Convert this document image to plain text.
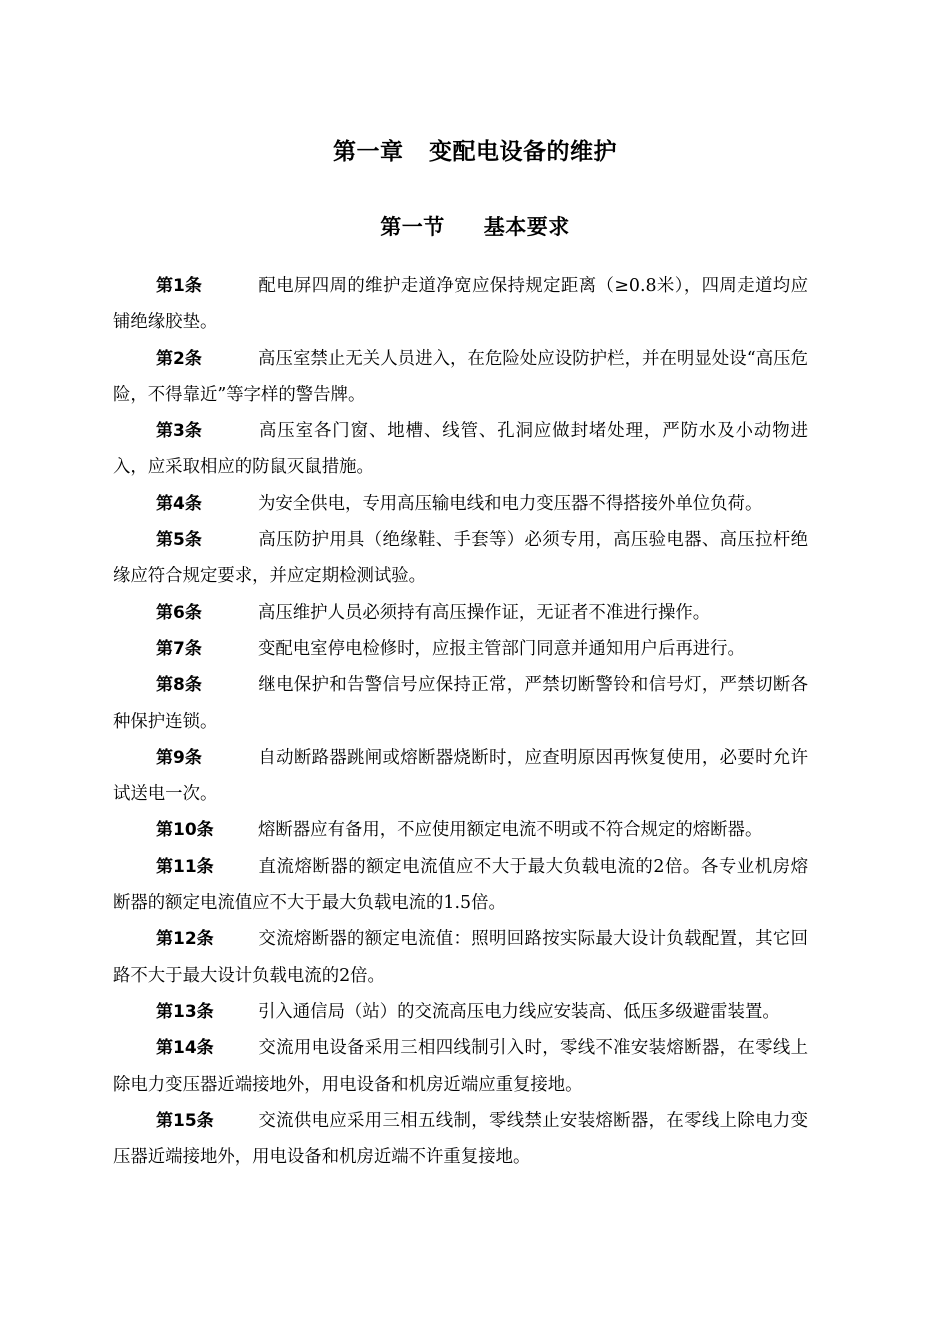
第一章   变配电设备的维护
第一节     基本要求

第1条	配电屏四周的维护走道净宽应保持规定距离（≥0.8米），四周走道均应铺绝缘胶垫。

第2条	高压室禁止无关人员进入，在危险处应设防护栏，并在明显处设“高压危险，不得靠近”等字样的警告牌。

第3条	高压室各门窗、地槽、线管、孔洞应做封堵处理，严防水及小动物进入，应采取相应的防鼠灭鼠措施。

第4条	为安全供电，专用高压输电线和电力变压器不得搭接外单位负荷。

第5条	高压防护用具（绝缘鞋、手套等）必须专用，高压验电器、高压拉杆绝缘应符合规定要求，并应定期检测试验。

第6条	高压维护人员必须持有高压操作证，无证者不准进行操作。

第7条	变配电室停电检修时，应报主管部门同意并通知用户后再进行。

第8条	继电保护和告警信号应保持正常，严禁切断警铃和信号灯，严禁切断各种保护连锁。

第9条	自动断路器跳闸或熔断器烧断时，应查明原因再恢复使用，必要时允许试送电一次。

第10条	熔断器应有备用，不应使用额定电流不明或不符合规定的熔断器。

第11条	直流熔断器的额定电流值应不大于最大负载电流的2倍。各专业机房熔断器的额定电流值应不大于最大负载电流的1.5倍。

第12条	交流熔断器的额定电流值：照明回路按实际最大设计负载配置，其它回路不大于最大设计负载电流的2倍。

第13条	引入通信局（站）的交流高压电力线应安装高、低压多级避雷装置。

第14条	交流用电设备采用三相四线制引入时，零线不准安装熔断器，在零线上除电力变压器近端接地外，用电设备和机房近端应重复接地。

第15条	交流供电应采用三相五线制，零线禁止安装熔断器，在零线上除电力变压器近端接地外，用电设备和机房近端不许重复接地。
